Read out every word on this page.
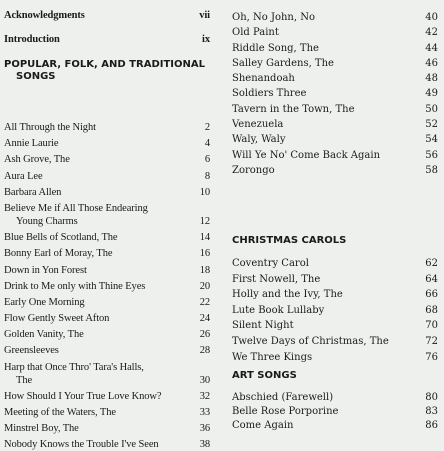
Acknowledgments	vii
Introduction	ix
POPULAR, FOLK, AND TRADITIONAL
SONGS
All Through the Night	2
Annie Laurie	4
Ash Grove, The	6
Aura Lee	8
Barbara Allen	10
Believe Me if All Those Endearing
Young Charms	12
Blue Bells of Scotland, The	14
Bonny Earl of Moray, The	16
Down in Yon Forest	18
Drink to Me only with Thine Eyes	20
Early One Morning	22
Flow Gently Sweet Afton	24
Golden Vanity, The	26
Greensleeves	28
Harp that Once Thro' Tara's Halls,
The	30
How Should I Your True Love Know?	32
Meeting of the Waters, The	33
Minstrel Boy, The	36
Nobody Knows the Trouble I've Seen	38
Oh, No John, No	40
Old Paint	42
Riddle Song, The	44
Salley Gardens, The	46
Shenandoah	48
Soldiers Three	49
Tavern in the Town, The	50
Venezuela	52
Waly, Waly	54
Will Ye No' Come Back Again	56
Zorongo	58
CHRISTMAS CAROLS
Coventry Carol	62
First Nowell, The	64
Holly and the Ivy, The	66
Lute Book Lullaby	68
Silent Night	70
Twelve Days of Christmas, The	72
We Three Kings	76
ART SONGS
Abschied (Farewell)	80
Belle Rose Porporine	83
Come Again	86
